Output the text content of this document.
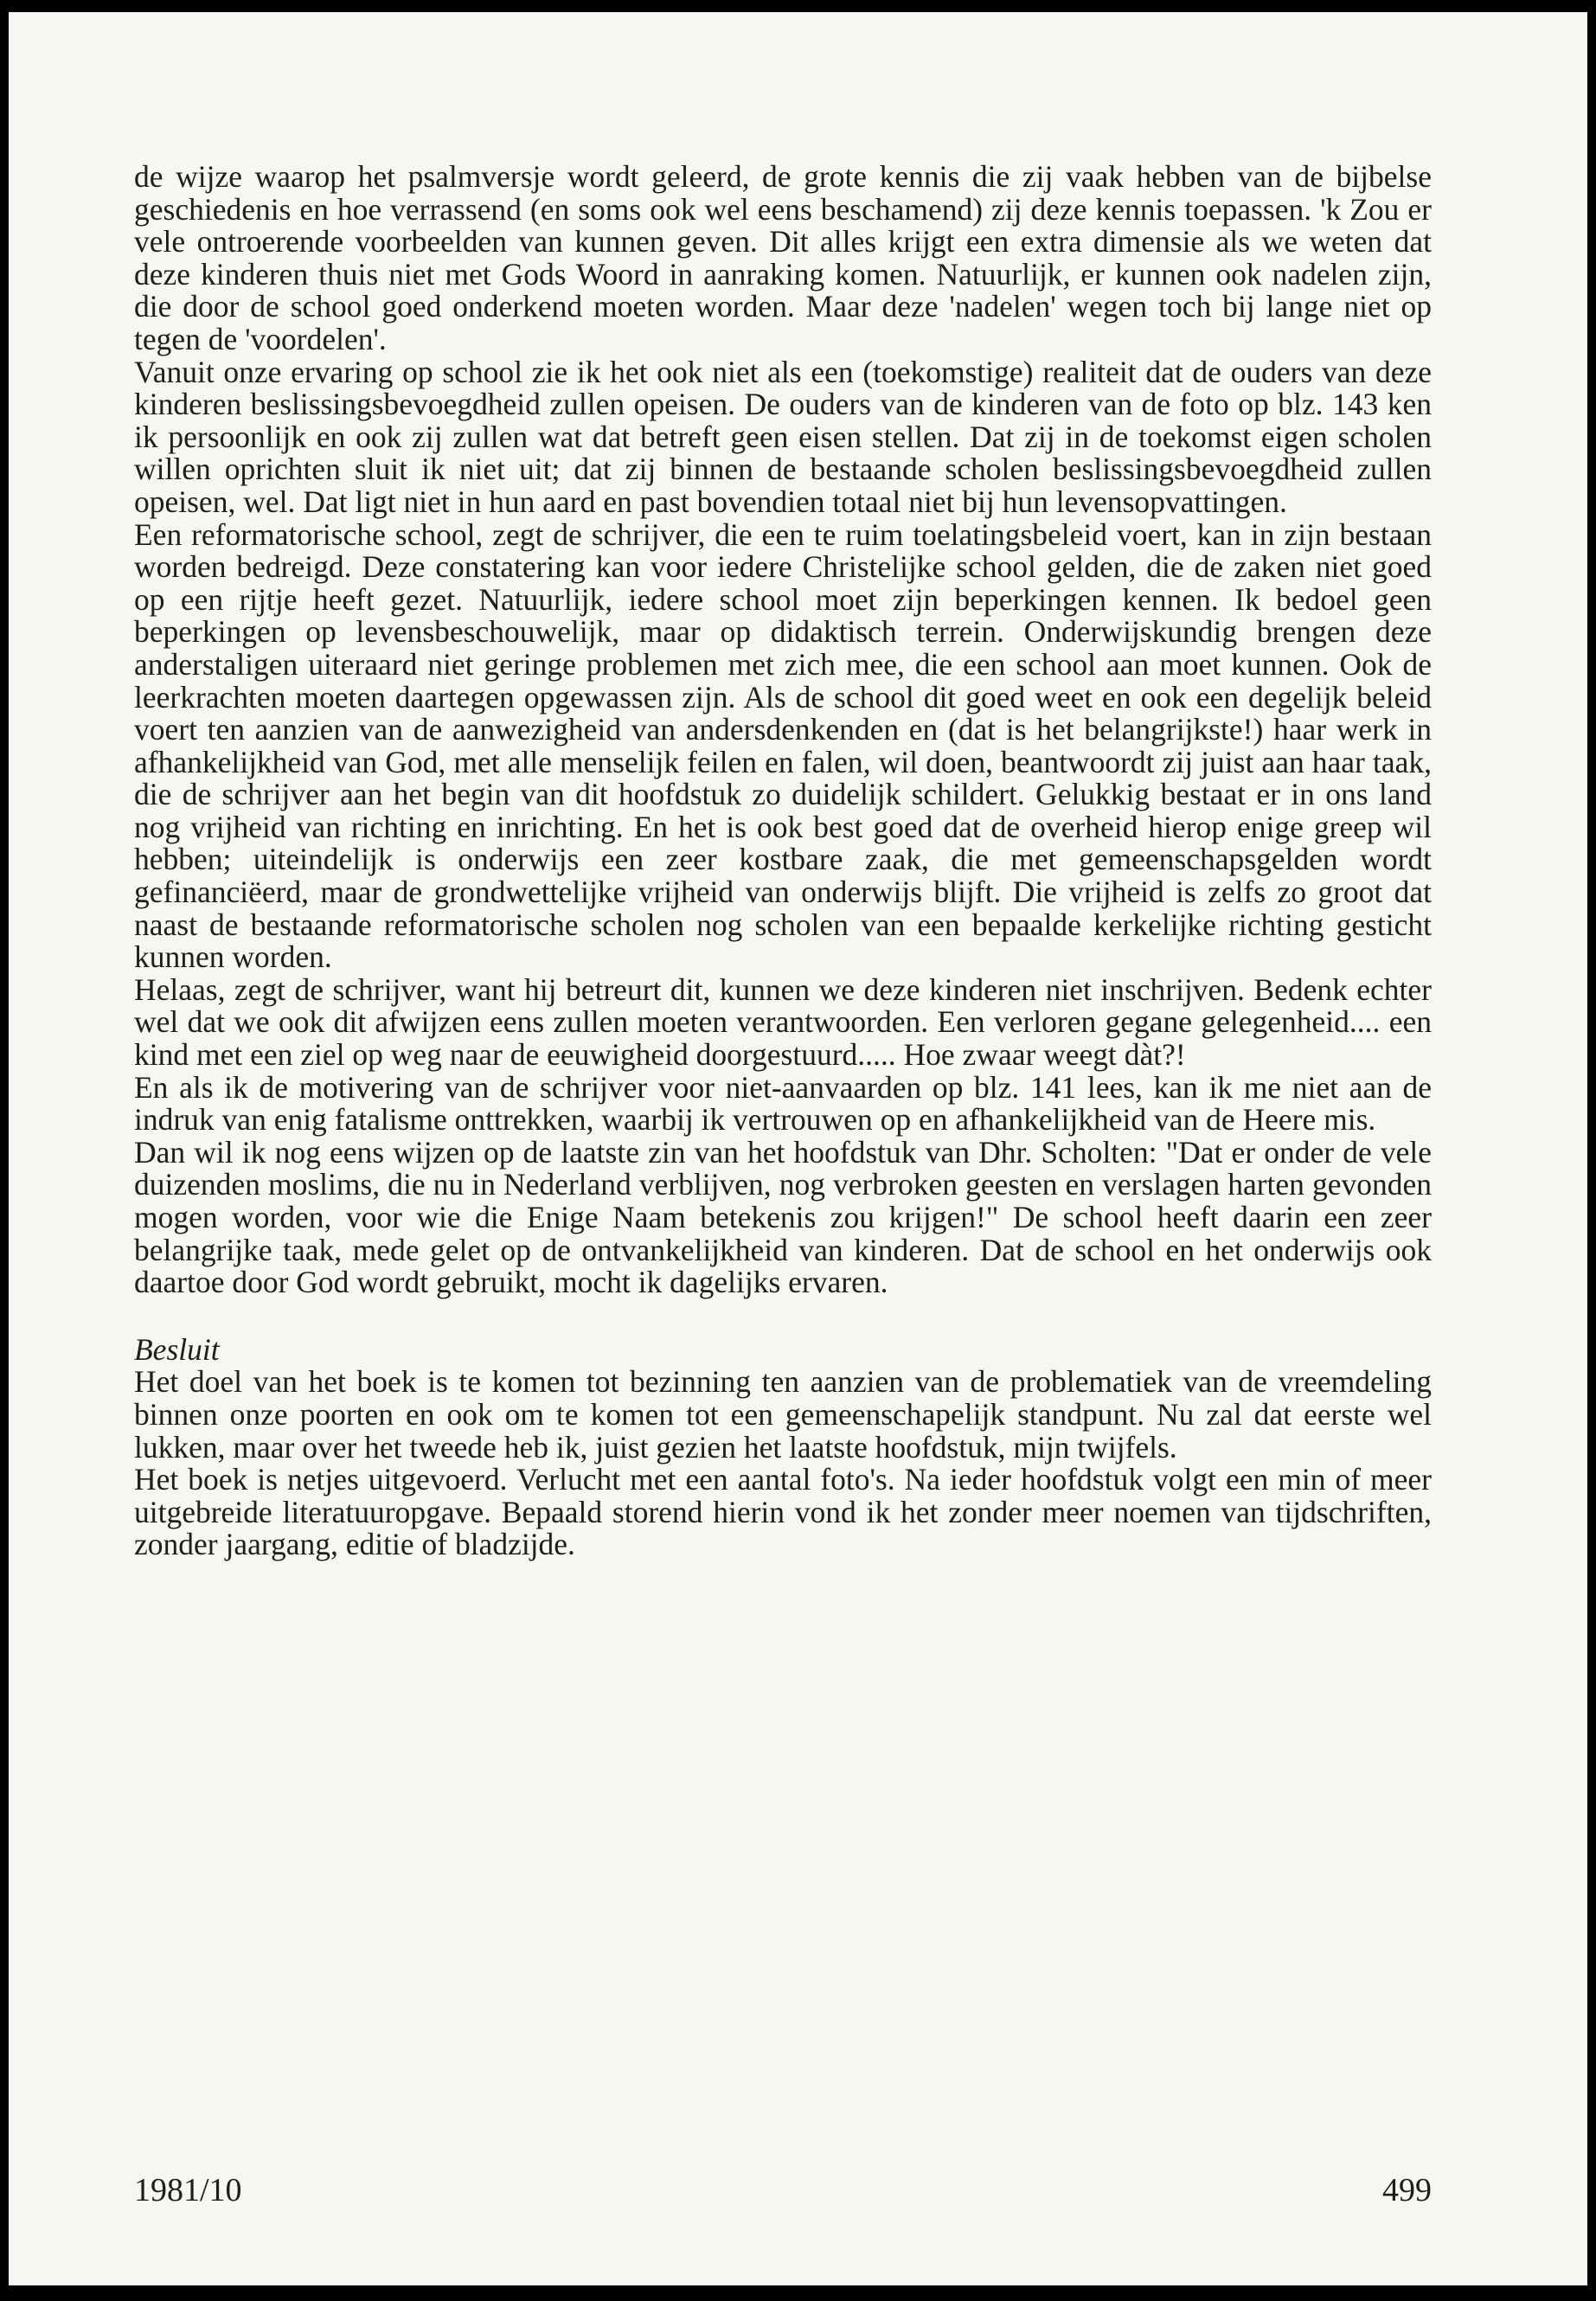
de wijze waarop het psalmversje wordt geleerd, de grote kennis die zij vaak hebben van de bijbelse geschiedenis en hoe verrassend (en soms ook wel eens beschamend) zij deze kennis toepassen. 'k Zou er vele ontroerende voorbeelden van kunnen geven. Dit alles krijgt een extra dimensie als we weten dat deze kinderen thuis niet met Gods Woord in aanraking komen. Natuurlijk, er kunnen ook nadelen zijn, die door de school goed onderkend moeten worden. Maar deze 'nadelen' wegen toch bij lange niet op tegen de 'voordelen'.

Vanuit onze ervaring op school zie ik het ook niet als een (toekomstige) realiteit dat de ouders van deze kinderen beslissingsbevoegdheid zullen opeisen. De ouders van de kinderen van de foto op blz. 143 ken ik persoonlijk en ook zij zullen wat dat betreft geen eisen stellen. Dat zij in de toekomst eigen scholen willen oprichten sluit ik niet uit; dat zij binnen de bestaande scholen beslissingsbevoegdheid zullen opeisen, wel. Dat ligt niet in hun aard en past bovendien totaal niet bij hun levensopvattingen.

Een reformatorische school, zegt de schrijver, die een te ruim toelatingsbeleid voert, kan in zijn bestaan worden bedreigd. Deze constatering kan voor iedere Christelijke school gelden, die de zaken niet goed op een rijtje heeft gezet. Natuurlijk, iedere school moet zijn beperkingen kennen. Ik bedoel geen beperkingen op levensbeschouwelijk, maar op didaktisch terrein. Onderwijskundig brengen deze anderstaligen uiteraard niet geringe problemen met zich mee, die een school aan moet kunnen. Ook de leerkrachten moeten daartegen opgewassen zijn. Als de school dit goed weet en ook een degelijk beleid voert ten aanzien van de aanwezigheid van andersdenkenden en (dat is het belangrijkste!) haar werk in afhankelijkheid van God, met alle menselijk feilen en falen, wil doen, beantwoordt zij juist aan haar taak, die de schrijver aan het begin van dit hoofdstuk zo duidelijk schildert. Gelukkig bestaat er in ons land nog vrijheid van richting en inrichting. En het is ook best goed dat de overheid hierop enige greep wil hebben; uiteindelijk is onderwijs een zeer kostbare zaak, die met gemeenschapsgelden wordt gefinanciëerd, maar de grondwettelijke vrijheid van onderwijs blijft. Die vrijheid is zelfs zo groot dat naast de bestaande reformatorische scholen nog scholen van een bepaalde kerkelijke richting gesticht kunnen worden.

Helaas, zegt de schrijver, want hij betreurt dit, kunnen we deze kinderen niet inschrijven. Bedenk echter wel dat we ook dit afwijzen eens zullen moeten verantwoorden. Een verloren gegane gelegenheid.... een kind met een ziel op weg naar de eeuwigheid doorgestuurd..... Hoe zwaar weegt dàt?!

En als ik de motivering van de schrijver voor niet-aanvaarden op blz. 141 lees, kan ik me niet aan de indruk van enig fatalisme onttrekken, waarbij ik vertrouwen op en afhankelijkheid van de Heere mis.

Dan wil ik nog eens wijzen op de laatste zin van het hoofdstuk van Dhr. Scholten: "Dat er onder de vele duizenden moslims, die nu in Nederland verblijven, nog verbroken geesten en verslagen harten gevonden mogen worden, voor wie die Enige Naam betekenis zou krijgen!" De school heeft daarin een zeer belangrijke taak, mede gelet op de ontvankelijkheid van kinderen. Dat de school en het onderwijs ook daartoe door God wordt gebruikt, mocht ik dagelijks ervaren.

Besluit

Het doel van het boek is te komen tot bezinning ten aanzien van de problematiek van de vreemdeling binnen onze poorten en ook om te komen tot een gemeenschapelijk standpunt. Nu zal dat eerste wel lukken, maar over het tweede heb ik, juist gezien het laatste hoofdstuk, mijn twijfels.

Het boek is netjes uitgevoerd. Verlucht met een aantal foto's. Na ieder hoofdstuk volgt een min of meer uitgebreide literatuuropgave. Bepaald storend hierin vond ik het zonder meer noemen van tijdschriften, zonder jaargang, editie of bladzijde.

1981/10	499
